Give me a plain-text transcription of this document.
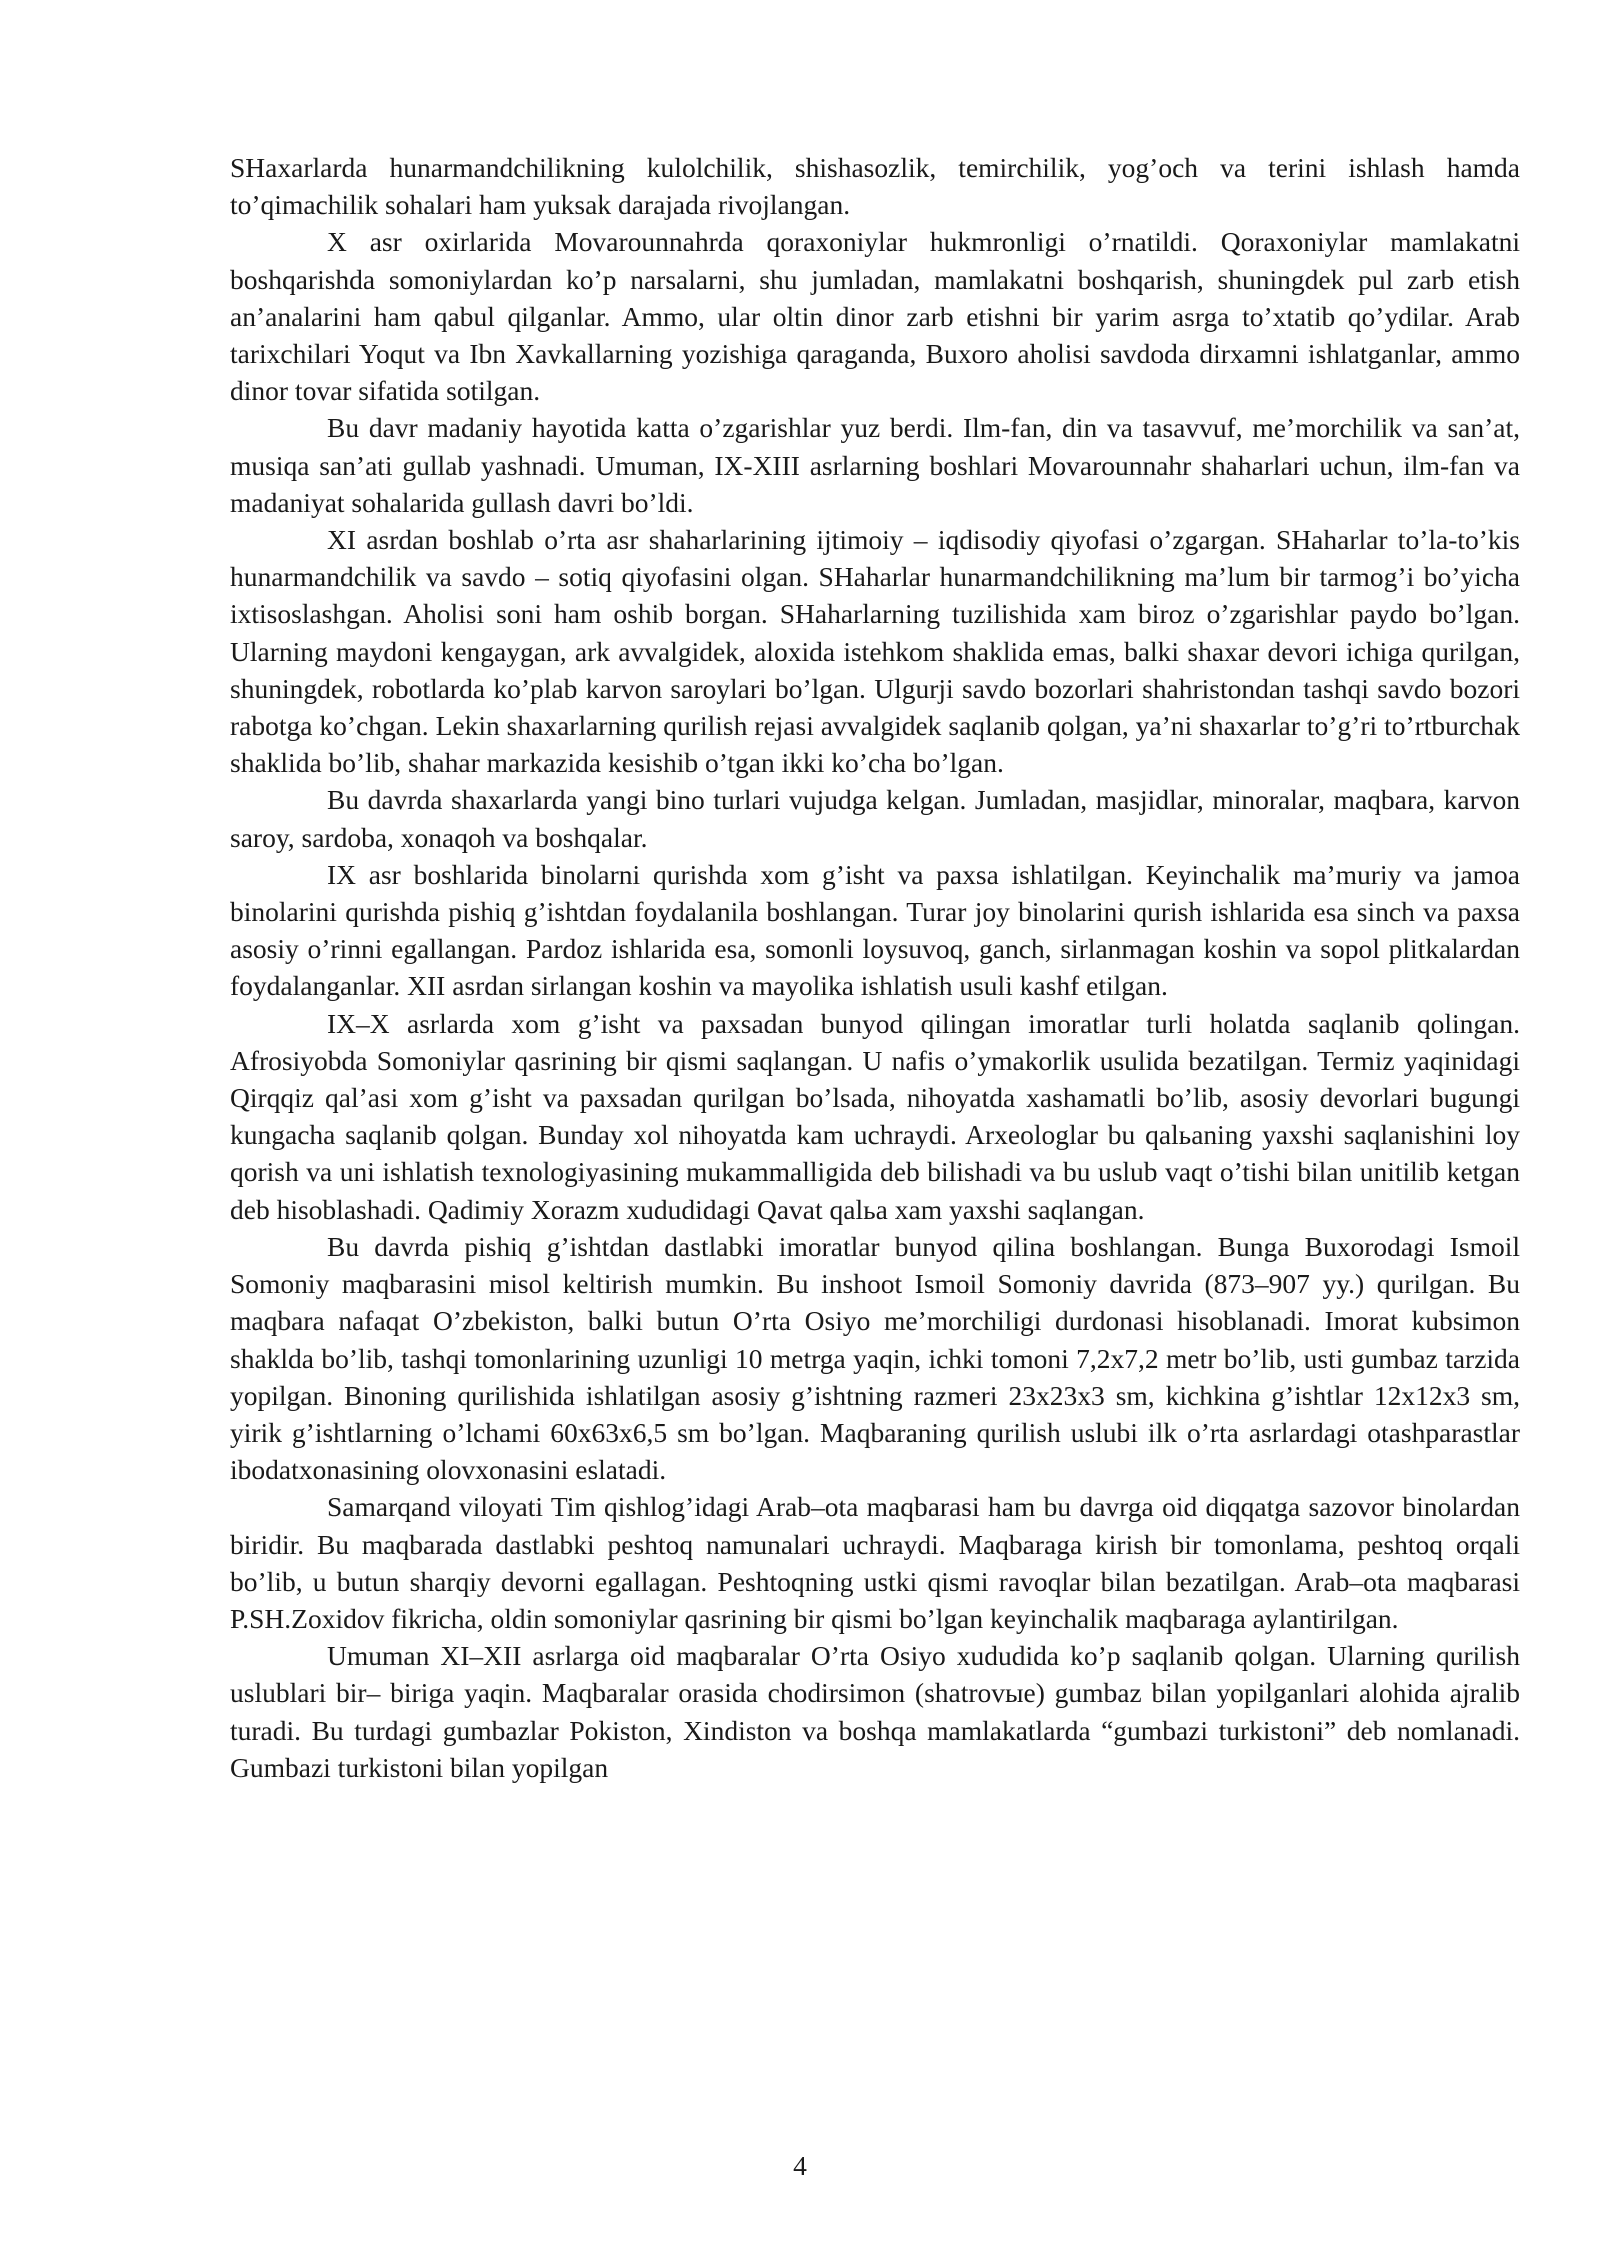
SHaxarlarda hunarmandchilikning kulolchilik, shishasozlik, temirchilik, yog’och va terini ishlash hamda to’qimachilik sohalari ham yuksak darajada rivojlangan.

X asr oxirlarida Movarounnahrda qoraxoniylar hukmronligi o’rnatildi. Qoraxoniylar mamlakatni boshqarishda somoniylardan ko’p narsalarni, shu jumladan, mamlakatni boshqarish, shuningdek pul zarb etish an’analarini ham qabul qilganlar. Ammo, ular oltin dinor zarb etishni bir yarim asrga to’xtatib qo’ydilar. Arab tarixchilari Yoqut va Ibn Xavkallarning yozishiga qaraganda, Buxoro aholisi savdoda dirxamni ishlatganlar, ammo dinor tovar sifatida sotilgan.

Bu davr madaniy hayotida katta o’zgarishlar yuz berdi. Ilm-fan, din va tasavvuf, me’morchilik va san’at, musiqa san’ati gullab yashnadi. Umuman, IX-XIII asrlarning boshlari Movarounnahr shaharlari uchun, ilm-fan va madaniyat sohalarida gullash davri bo’ldi.

XI asrdan boshlab o’rta asr shaharlarining ijtimoiy – iqdisodiy qiyofasi o’zgargan. SHaharlar to’la-to’kis hunarmandchilik va savdo – sotiq qiyofasini olgan. SHaharlar hunarmandchilikning ma’lum bir tarmog’i bo’yicha ixtisoslashgan. Aholisi soni ham oshib borgan. SHaharlarning tuzilishida xam biroz o’zgarishlar paydo bo’lgan. Ularning maydoni kengaygan, ark avvalgidek, aloxida istehkom shaklida emas, balki shaxar devori ichiga qurilgan, shuningdek, robotlarda ko’plab karvon saroylari bo’lgan. Ulgurji savdo bozorlari shahristondan tashqi savdo bozori rabotga ko’chgan. Lekin shaxarlarning qurilish rejasi avvalgidek saqlanib qolgan, ya’ni shaxarlar to’g’ri to’rtburchak shaklida bo’lib, shahar markazida kesishib o’tgan ikki ko’cha bo’lgan.

Bu davrda shaxarlarda yangi bino turlari vujudga kelgan. Jumladan, masjidlar, minoralar, maqbara, karvon saroy, sardoba, xonaqoh va boshqalar.

IX asr boshlarida binolarni qurishda xom g’isht va paxsa ishlatilgan. Keyinchalik ma’muriy va jamoa binolarini qurishda pishiq g’ishtdan foydalanila boshlangan. Turar joy binolarini qurish ishlarida esa sinch va paxsa asosiy o’rinni egallangan. Pardoz ishlarida esa, somonli loysuvoq, ganch, sirlanmagan koshin va sopol plitkalardan foydalanganlar. XII asrdan sirlangan koshin va mayolika ishlatish usuli kashf etilgan.

IX–X asrlarda xom g’isht va paxsadan bunyod qilingan imoratlar turli holatda saqlanib qolingan. Afrosiyobda Somoniylar qasrining bir qismi saqlangan. U nafis o’ymakorlik usulida bezatilgan. Termiz yaqinidagi Qirqqiz qal’asi xom g’isht va paxsadan qurilgan bo’lsada, nihoyatda xashamatli bo’lib, asosiy devorlari bugungi kungacha saqlanib qolgan. Bunday xol nihoyatda kam uchraydi. Arxeologlar bu qalьaning yaxshi saqlanishini loy qorish va uni ishlatish texnologiyasining mukammalligida deb bilishadi va bu uslub vaqt o’tishi bilan unitilib ketgan deb hisoblashadi. Qadimiy Xorazm xududidagi Qavat qalьa xam yaxshi saqlangan.

Bu davrda pishiq g’ishtdan dastlabki imoratlar bunyod qilina boshlangan. Bunga Buxorodagi Ismoil Somoniy maqbarasini misol keltirish mumkin. Bu inshoot Ismoil Somoniy davrida (873–907 yy.) qurilgan. Bu maqbara nafaqat O’zbekiston, balki butun O’rta Osiyo me’morchiligi durdonasi hisoblanadi. Imorat kubsimon shaklda bo’lib, tashqi tomonlarining uzunligi 10 metrga yaqin, ichki tomoni 7,2x7,2 metr bo’lib, usti gumbaz tarzida yopilgan. Binoning qurilishida ishlatilgan asosiy g’ishtning razmeri 23x23x3 sm, kichkina g’ishtlar 12x12x3 sm, yirik g’ishtlarning o’lchami 60x63x6,5 sm bo’lgan. Maqbaraning qurilish uslubi ilk o’rta asrlardagi otashparastlar ibodatxonasining olovxonasini eslatadi.

Samarqand viloyati Tim qishlog’idagi Arab–ota maqbarasi ham bu davrga oid diqqatga sazovor binolardan biridir. Bu maqbarada dastlabki peshtoq namunalari uchraydi. Maqbaraga kirish bir tomonlama, peshtoq orqali bo’lib, u butun sharqiy devorni egallagan. Peshtoqning ustki qismi ravoqlar bilan bezatilgan. Arab–ota maqbarasi P.SH.Zoxidov fikricha, oldin somoniylar qasrining bir qismi bo’lgan keyinchalik maqbaraga aylantirilgan.

Umuman XI–XII asrlarga oid maqbaralar O’rta Osiyo xududida ko’p saqlanib qolgan. Ularning qurilish uslublari bir– biriga yaqin. Maqbaralar orasida chodirsimon (shatrovыe) gumbaz bilan yopilganlari alohida ajralib turadi. Bu turdagi gumbazlar Pokiston, Xindiston va boshqa mamlakatlarda “gumbazi turkistoni” deb nomlanadi. Gumbazi turkistoni bilan yopilgan

4
